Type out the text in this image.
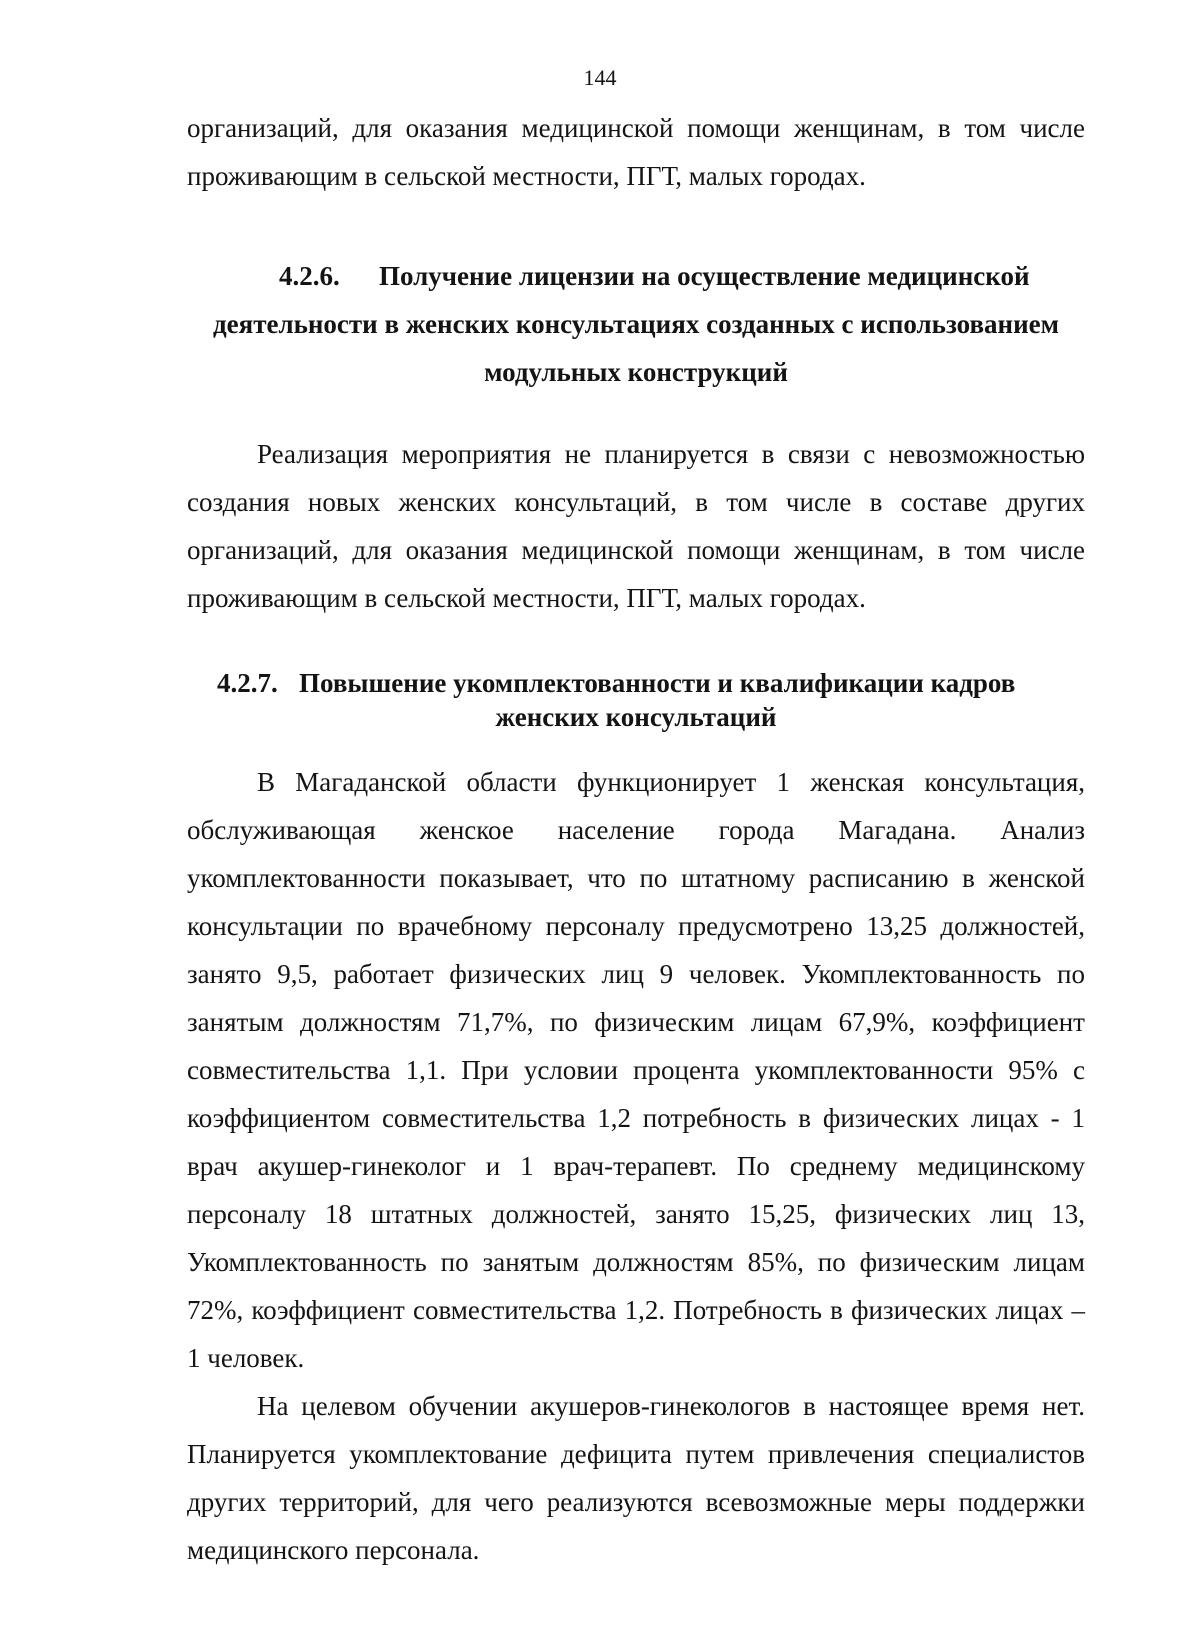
144

организаций, для оказания медицинской помощи женщинам, в том числе проживающим в сельской местности, ПГТ, малых городах.

4.2.6. Получение лицензии на осуществление медицинской
деятельности в женских консультациях созданных с использованием
модульных конструкций

Реализация мероприятия не планируется в связи с невозможностью создания новых женских консультаций, в том числе в составе других организаций, для оказания медицинской помощи женщинам, в том числе проживающим в сельской местности, ПГТ, малых городах.

4.2.7. Повышение укомплектованности и квалификации кадров
женских консультаций

В Магаданской области функционирует 1 женская консультация, обслуживающая женское население города Магадана. Анализ укомплектованности показывает, что по штатному расписанию в женской консультации по врачебному персоналу предусмотрено 13,25 должностей, занято 9,5, работает физических лиц 9 человек. Укомплектованность по занятым должностям 71,7%, по физическим лицам 67,9%, коэффициент совместительства 1,1. При условии процента укомплектованности 95% с коэффициентом совместительства 1,2 потребность в физических лицах - 1 врач акушер-гинеколог и 1 врач-терапевт. По среднему медицинскому персоналу 18 штатных должностей, занято 15,25, физических лиц 13, Укомплектованность по занятым должностям 85%, по физическим лицам 72%, коэффициент совместительства 1,2. Потребность в физических лицах – 1 человек.

На целевом обучении акушеров-гинекологов в настоящее время нет. Планируется укомплектование дефицита путем привлечения специалистов других территорий, для чего реализуются всевозможные меры поддержки медицинского персонала.
